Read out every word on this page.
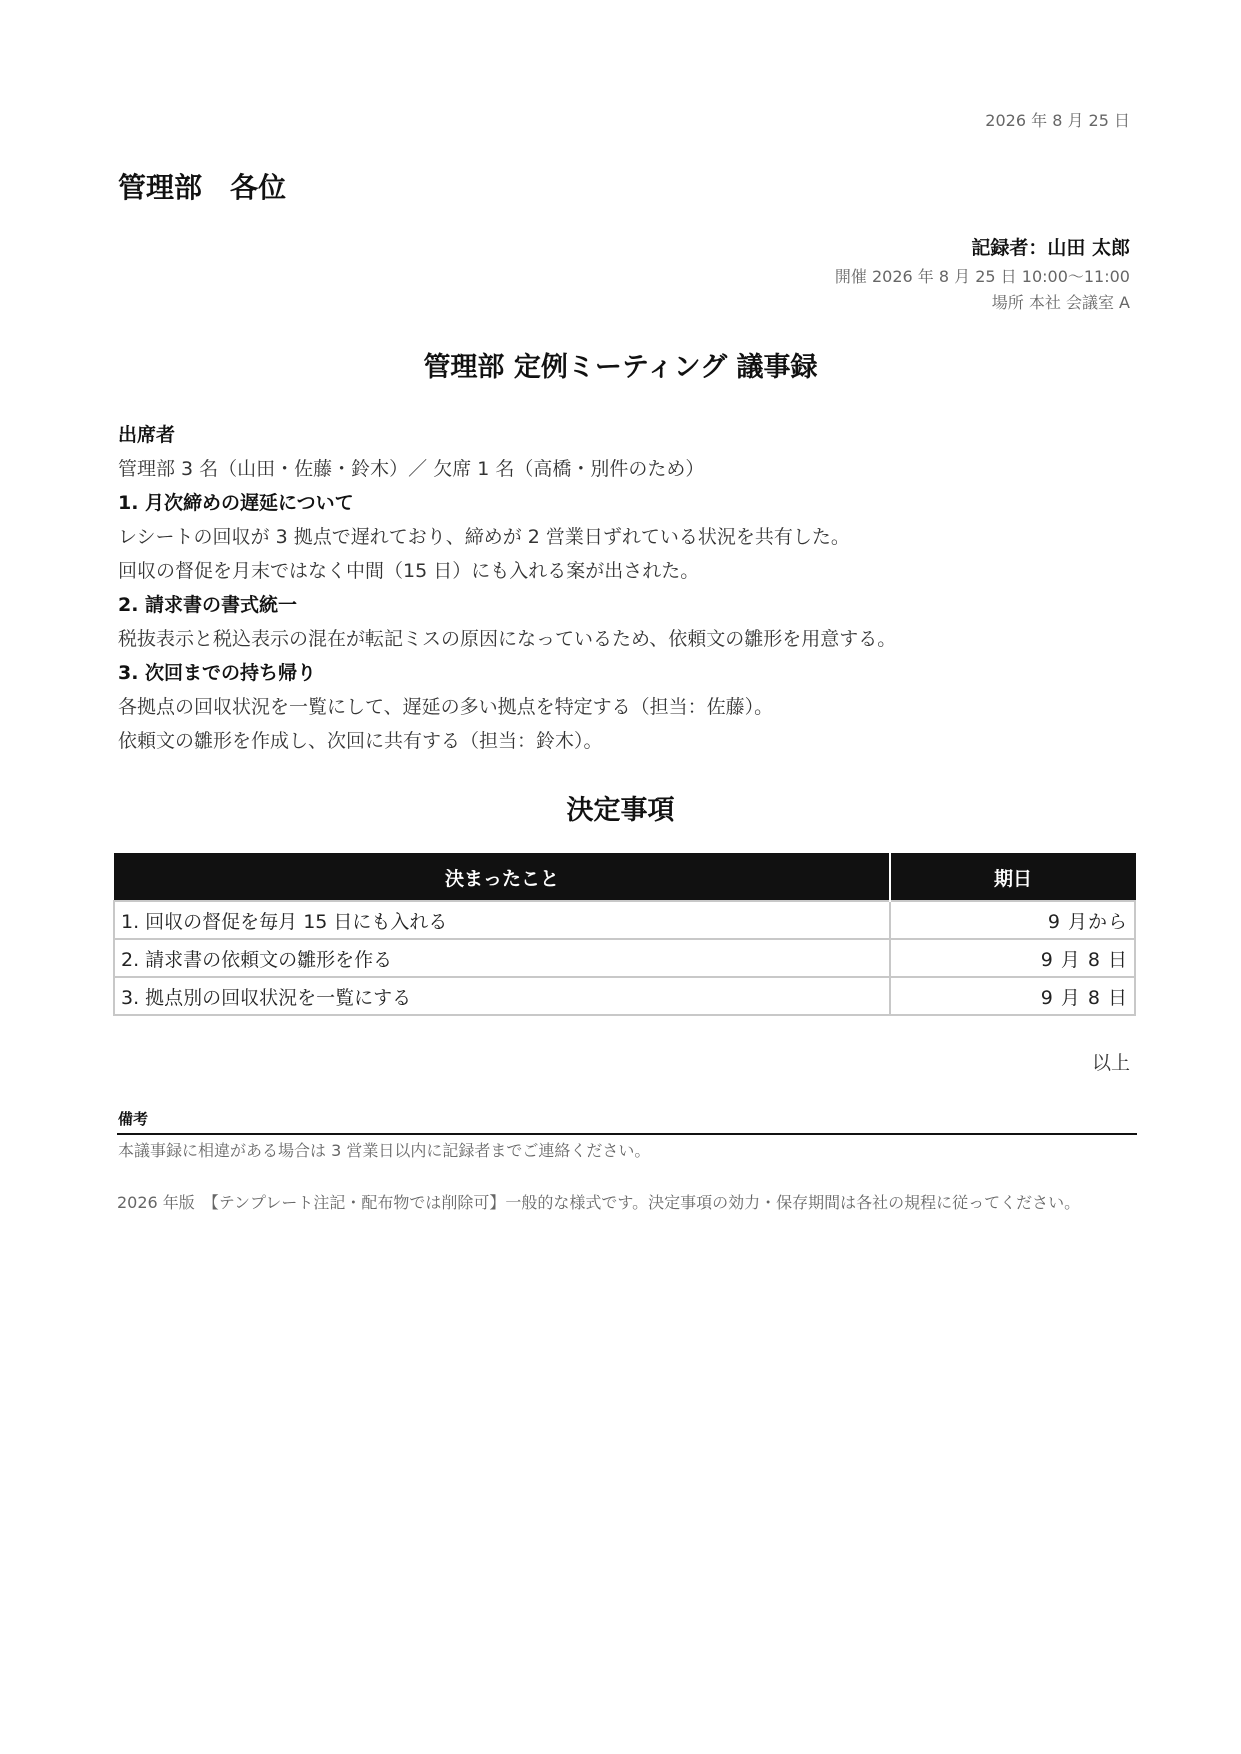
2026 年 8 月 25 日
管理部　各位
記録者：山田 太郎
開催 2026 年 8 月 25 日 10:00〜11:00
場所 本社 会議室 A
管理部 定例ミーティング 議事録
出席者
管理部 3 名（山田・佐藤・鈴木）／ 欠席 1 名（高橋・別件のため）
1. 月次締めの遅延について
レシートの回収が 3 拠点で遅れており、締めが 2 営業日ずれている状況を共有した。
回収の督促を月末ではなく中間（15 日）にも入れる案が出された。
2. 請求書の書式統一
税抜表示と税込表示の混在が転記ミスの原因になっているため、依頼文の雛形を用意する。
3. 次回までの持ち帰り
各拠点の回収状況を一覧にして、遅延の多い拠点を特定する（担当：佐藤）。
依頼文の雛形を作成し、次回に共有する（担当：鈴木）。
決定事項
決まったこと	期日
1. 回収の督促を毎月 15 日にも入れる	9 月から
2. 請求書の依頼文の雛形を作る	9 月 8 日
3. 拠点別の回収状況を一覧にする	9 月 8 日
以上
備考
本議事録に相違がある場合は 3 営業日以内に記録者までご連絡ください。
2026 年版　【テンプレート注記・配布物では削除可】一般的な様式です。決定事項の効力・保存期間は各社の規程に従ってください。
